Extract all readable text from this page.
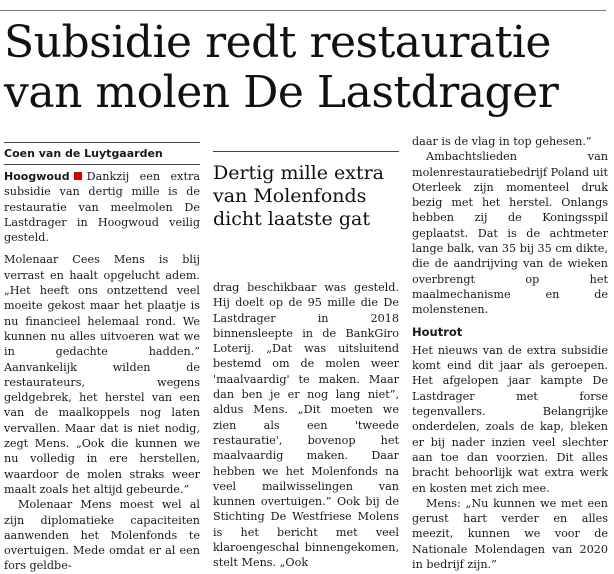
Subsidie redt restauratie van molen De Lastdrager
Coen van de Luytgaarden

Hoogwoud Dankzij een extra subsidie van dertig mille is de restauratie van meelmolen De Lastdrager in Hoogwoud veilig gesteld.

Molenaar Cees Mens is blij verrast en haalt opgelucht adem. „Het heeft ons ontzettend veel moeite gekost maar het plaatje is nu financieel helemaal rond. We kunnen nu alles uitvoeren wat we in gedachte hadden.” Aanvankelijk wilden de restaurateurs, wegens geldgebrek, het herstel van een van de maalkoppels nog laten vervallen. Maar dat is niet nodig, zegt Mens. „Ook die kunnen we nu volledig in ere herstellen, waardoor de molen straks weer maalt zoals het altijd gebeurde.”

Molenaar Mens moest wel al zijn diplomatieke capaciteiten aanwenden het Molenfonds te overtuigen. Mede omdat er al een fors geldbe-

Dertig mille extra van Molenfonds dicht laatste gat

drag beschikbaar was gesteld. Hij doelt op de 95 mille die De Lastdrager in 2018 binnensleepte in de BankGiro Loterij. „Dat was uitsluitend bestemd om de molen weer 'maalvaardig' te maken. Maar dan ben je er nog lang niet”, aldus Mens. „Dit moeten we zien als een 'tweede restauratie', bovenop het maalvaardig maken. Daar hebben we het Molenfonds na veel mailwisselingen van kunnen overtuigen.” Ook bij de Stichting De Westfriese Molens is het bericht met veel klaroengeschal binnengekomen, stelt Mens. „Ook

daar is de vlag in top gehesen.”

Ambachtslieden van molenrestauratiebedrijf Poland uit Oterleek zijn momenteel druk bezig met het herstel. Onlangs hebben zij de Koningsspil geplaatst. Dat is de achtmeter lange balk, van 35 bij 35 cm dikte, die de aandrijving van de wieken overbrengt op het maalmechanisme en de molenstenen.

Houtrot

Het nieuws van de extra subsidie komt eind dit jaar als geroepen. Het afgelopen jaar kampte De Lastdrager met forse tegenvallers. Belangrijke onderdelen, zoals de kap, bleken er bij nader inzien veel slechter aan toe dan voorzien. Dit alles bracht behoorlijk wat extra werk en kosten met zich mee.

Mens: „Nu kunnen we met een gerust hart verder en alles meezit, kunnen we voor de Nationale Molendagen van 2020 in bedrijf zijn.”
